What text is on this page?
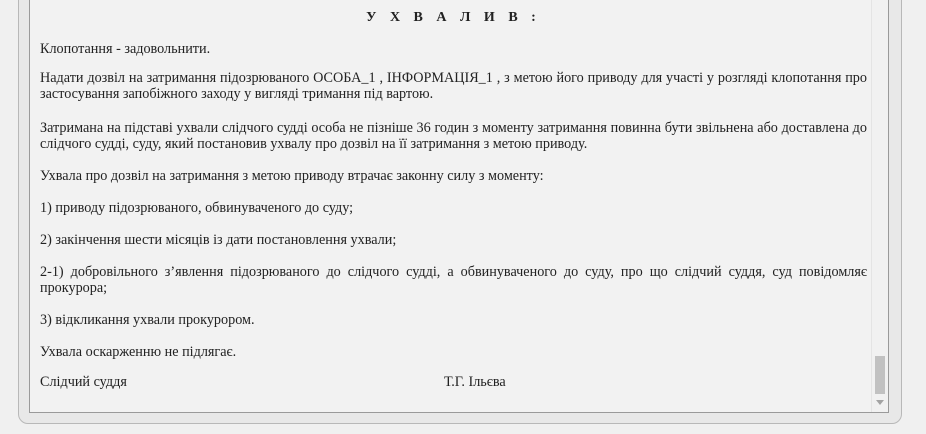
У Х В А Л И В :

Клопотання - задовольнити.

Надати дозвіл на затримання підозрюваного ОСОБА_1 , ІНФОРМАЦІЯ_1 , з метою його приводу для участі у розгляді клопотання про застосування запобіжного заходу у вигляді тримання під вартою.

Затримана на підставі ухвали слідчого судді особа не пізніше 36 годин з моменту затримання повинна бути звільнена або доставлена до слідчого судді, суду, який постановив ухвалу про дозвіл на її затримання з метою приводу.

Ухвала про дозвіл на затримання з метою приводу втрачає законну силу з моменту:

1) приводу підозрюваного, обвинуваченого до суду;

2) закінчення шести місяців із дати постановлення ухвали;

2-1) добровільного з’явлення підозрюваного до слідчого судді, а обвинуваченого до суду, про що слідчий суддя, суд повідомляє прокурора;

3) відкликання ухвали прокурором.

Ухвала оскарженню не підлягає.

Слідчий суддя	Т.Г. Ільєва
